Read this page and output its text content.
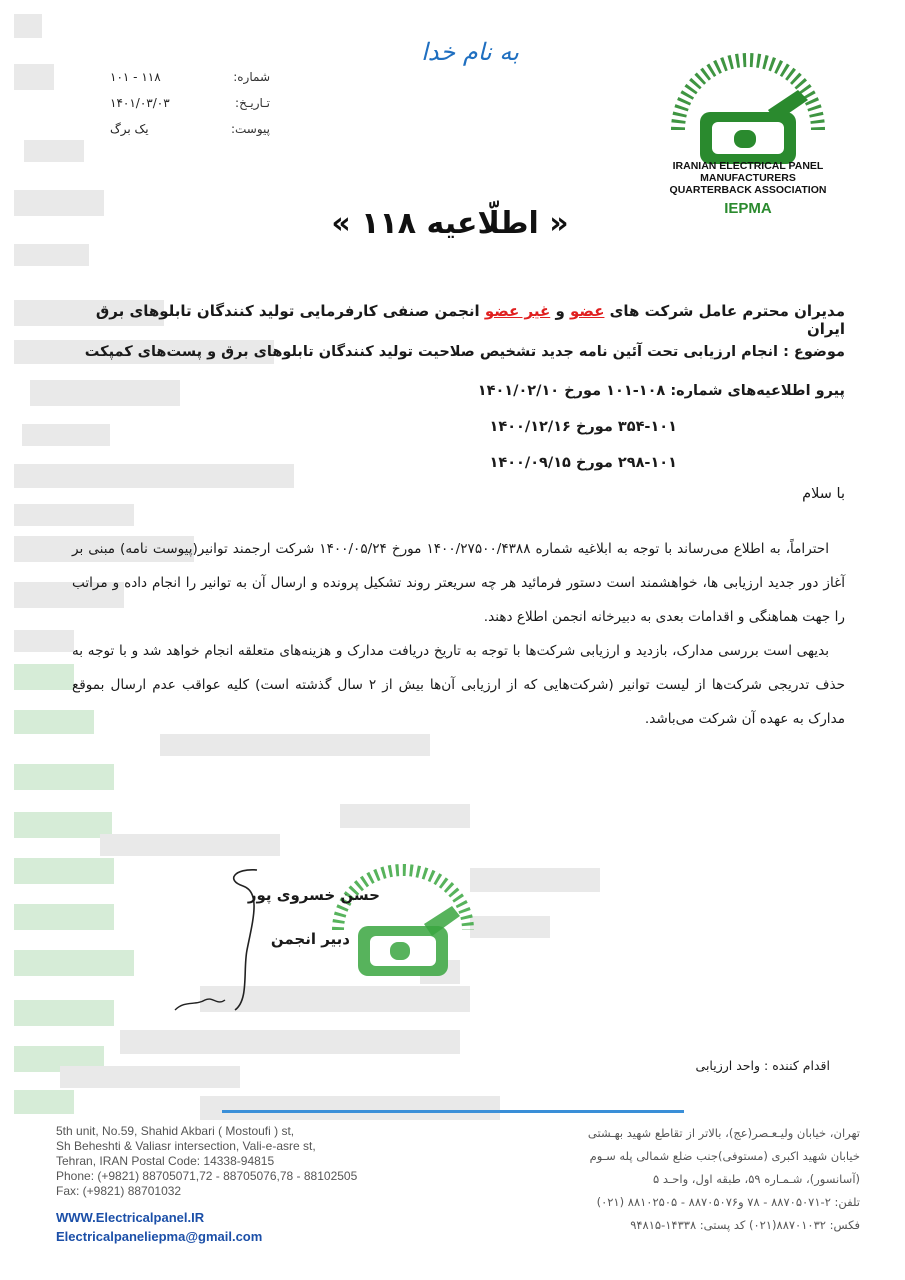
شماره:
۱۱۸ - ۱۰۱
تـاریـخ:
۱۴۰۱/۰۳/۰۳
پیوست:
یک برگ
به نام خدا
IRANIAN ELECTRICAL PANEL
MANUFACTURERS
QUARTERBACK ASSOCIATION
IEPMA
« اطلّاعیه ۱۱۸ »
مدیران محترم عامل شرکت های عضو و غیر عضو انجمن صنفی کارفرمایی تولید کنندگان تابلوهای برق ایران
موضوع : انجام ارزیابی تحت آئین نامه جدید تشخیص صلاحیت تولید کنندگان تابلوهای برق و پست‌های کمپکت
پیرو اطلاعیه‌های شماره: ۱۰۸-۱۰۱ مورخ ۱۴۰۱/۰۲/۱۰
۳۵۴-۱۰۱ مورخ ۱۴۰۰/۱۲/۱۶
۲۹۸-۱۰۱ مورخ ۱۴۰۰/۰۹/۱۵
با سلام

احتراماً، به اطلاع می‌رساند با توجه به ابلاغیه شماره ۱۴۰۰/۲۷۵۰۰/۴۳۸۸ مورخ ۱۴۰۰/۰۵/۲۴ شرکت ارجمند توانیر(پیوست نامه) مبنی بر آغاز دور جدید ارزیابی ها، خواهشمند است دستور فرمائید هر چه سریعتر روند تشکیل پرونده و ارسال آن به توانیر را انجام داده و مراتب را جهت هماهنگی و اقدامات بعدی به دبیرخانه انجمن اطلاع دهند.

بدیهی است بررسی مدارک، بازدید و ارزیابی شرکت‌ها با توجه به تاریخ دریافت مدارک و هزینه‌های متعلقه انجام خواهد شد و با توجه به حذف تدریجی شرکت‌ها از لیست توانیر (شرکت‌هایی که از ارزیابی آن‌ها بیش از ۲ سال گذشته است) کلیه عواقب عدم ارسال بموقع مدارک به عهده آن شرکت می‌باشد.

حسن خسروی پور
دبیر انجمن
اقدام کننده : واحد ارزیابی
5th unit, No.59, Shahid Akbari ( Mostoufi ) st,
Sh Beheshti & Valiasr intersection, Vali-e-asre st,
Tehran, IRAN Postal Code: 14338-94815
Phone: (+9821) 88705071,72 - 88705076,78 - 88102505
Fax: (+9821) 88701032
WWW.Electricalpanel.IR
Electricalpaneliepma@gmail.com
تهران، خیابان ولیـعـصر(عج)، بالاتر از تقاطع شهید بهـشتی
خیابان شهید اکبری (مستوفی)جنب ضلع شمالی پله سـوم
(آسانسور)، شـمـاره ۵۹، طبقه اول، واحـد ۵
تلفن: ۲-۸۸۷۰۵۰۷۱ - ۷۸ و۸۸۷۰۵۰۷۶ - ۸۸۱۰۲۵۰۵ (۰۲۱)
فکس: ۸۸۷۰۱۰۳۲(۰۲۱) کد پستی: ۱۴۳۳۸-۹۴۸۱۵
